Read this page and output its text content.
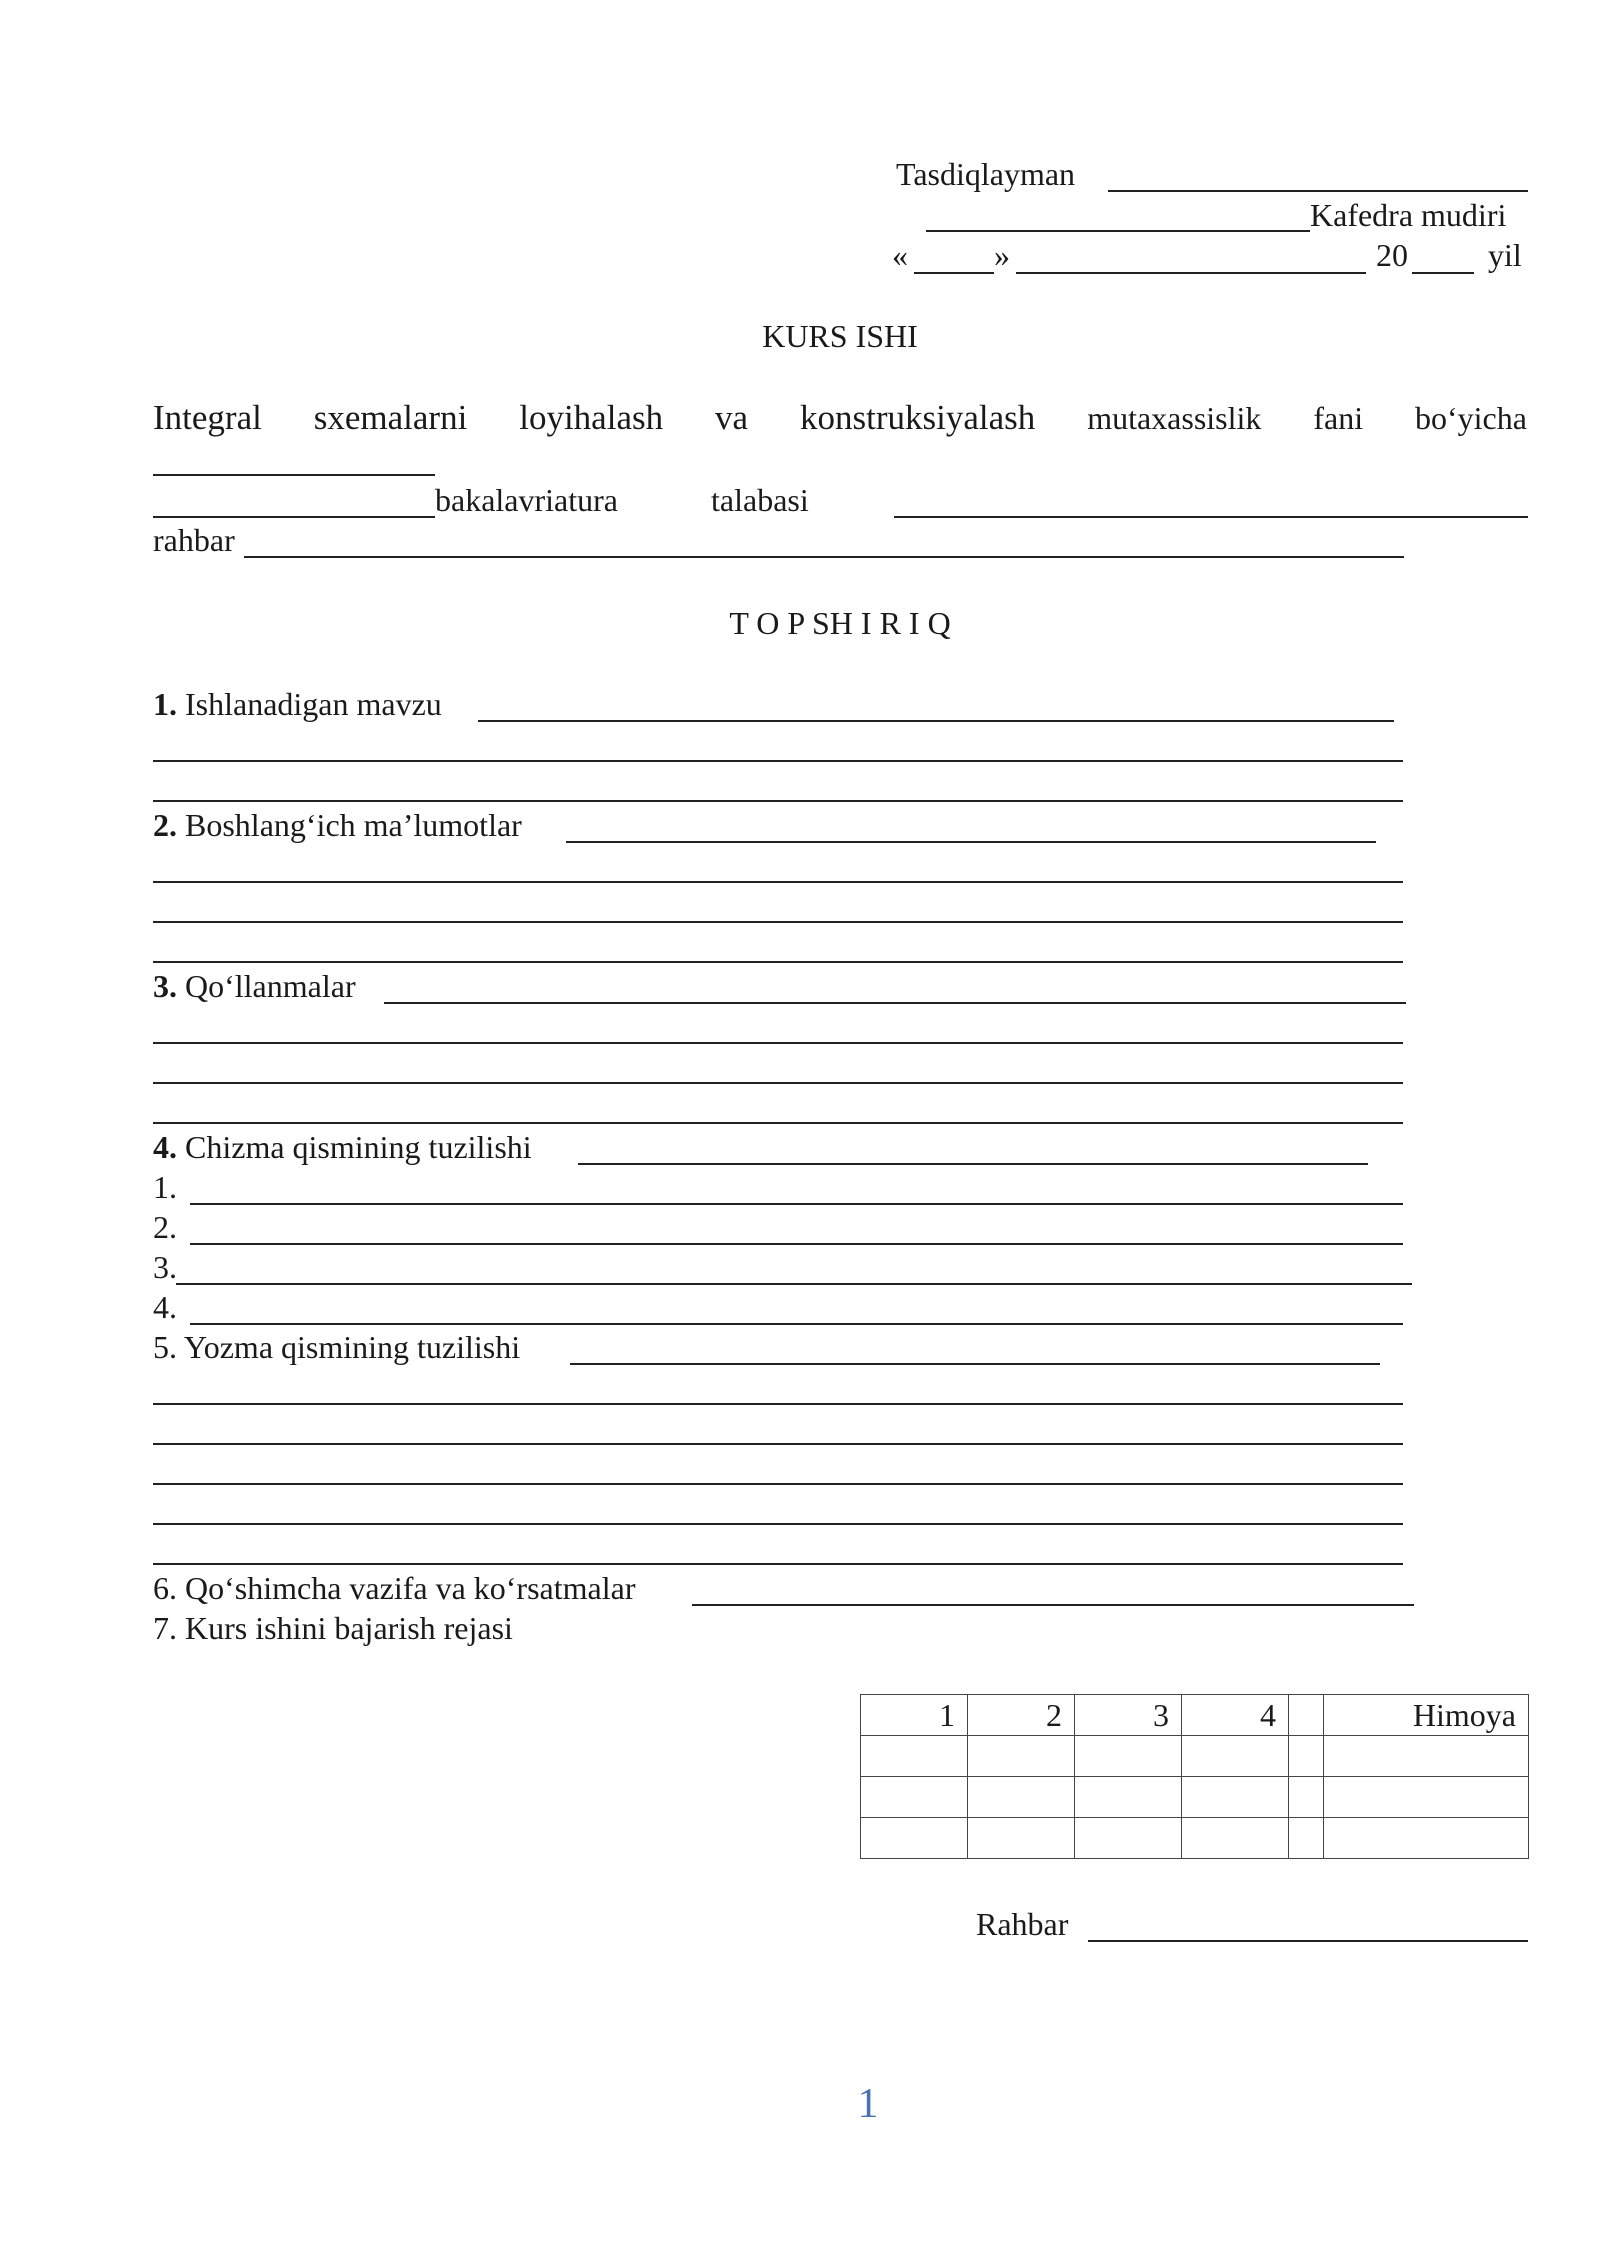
Tasdiqlayman
Kafedra mudiri
«	»	20	yil
KURS ISHI
Integral sxemalarni loyihalash va konstruksiyalash mutaxassislik fani bo‘yicha
bakalavriatura	talabasi
rahbar
T O P SH I R I Q
1. Ishlanadigan mavzu
2. Boshlang‘ich ma’lumotlar
3. Qo‘llanmalar
4. Chizma qismining tuzilishi
1.
2.
3.
4.
5. Yozma qismining tuzilishi
6. Qo‘shimcha vazifa va ko‘rsatmalar
7. Kurs ishini bajarish rejasi
1	2	3	4		Himoya

Rahbar
1
